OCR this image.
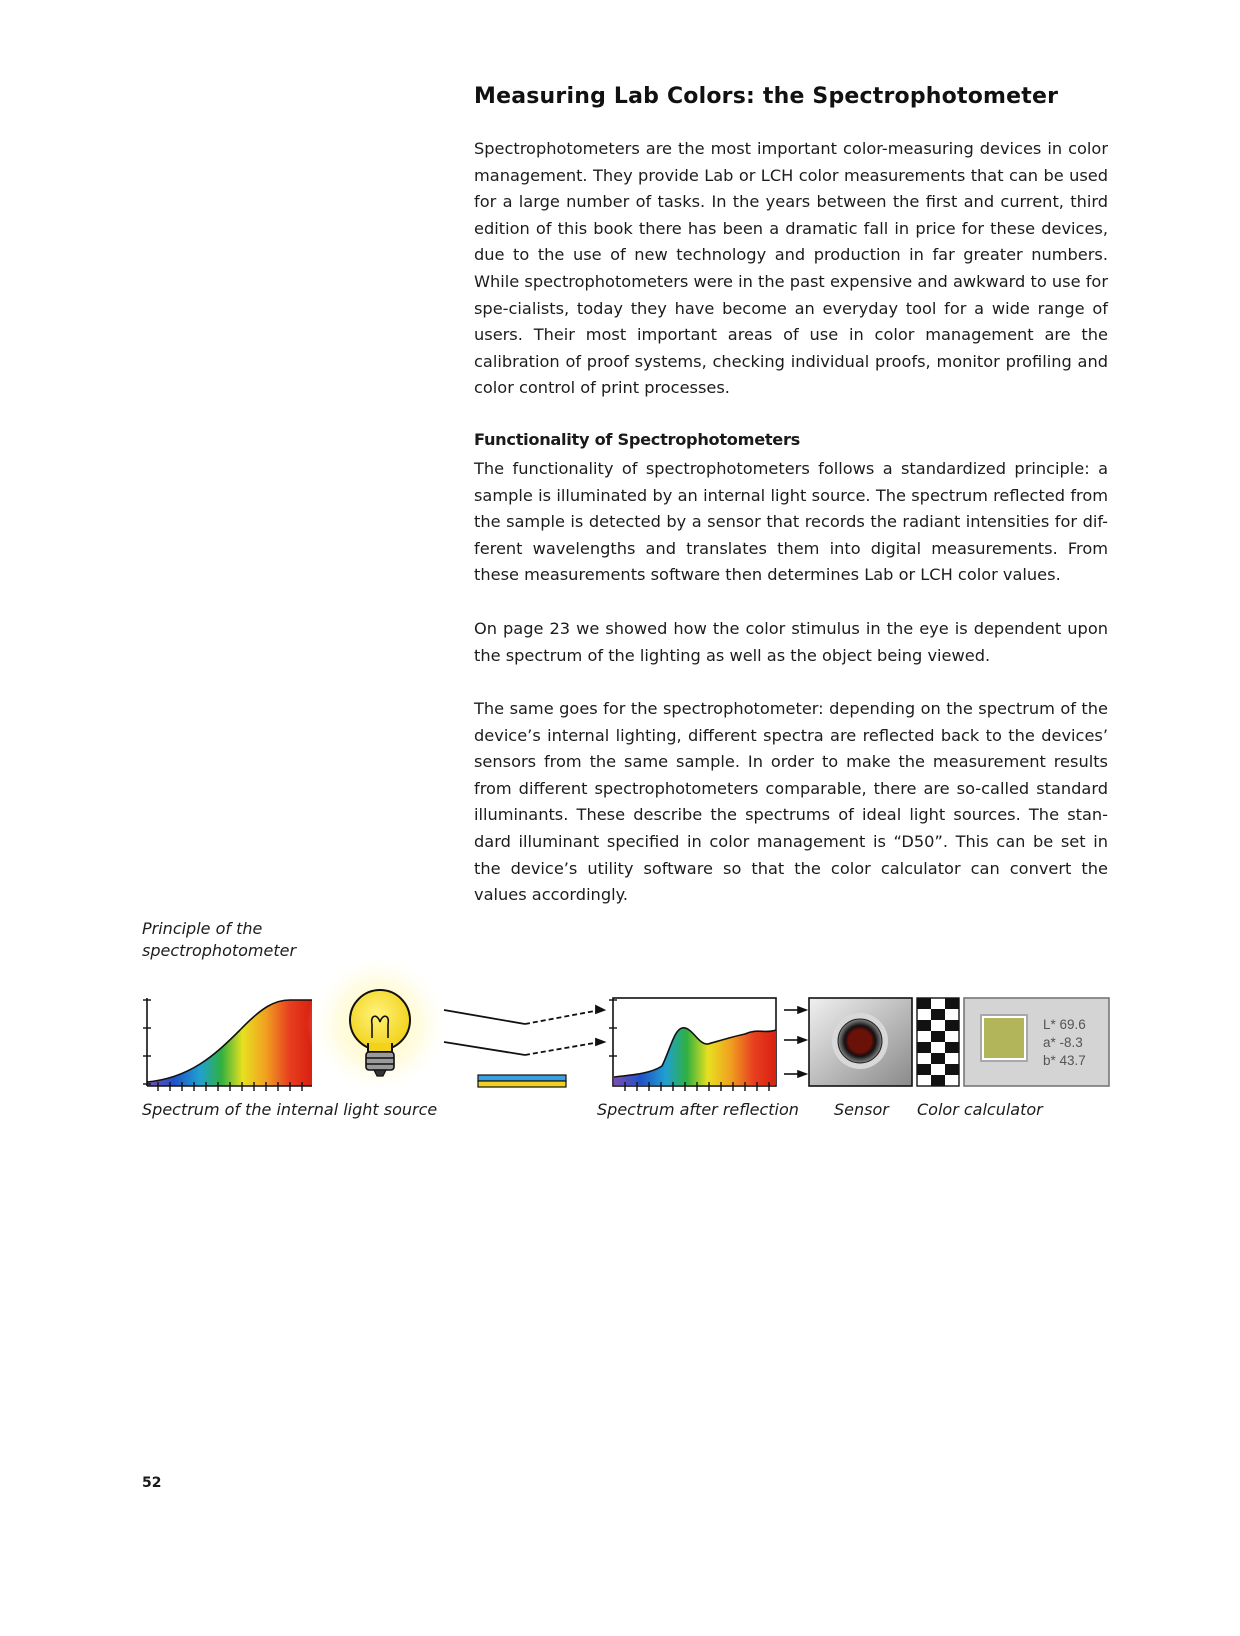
Measuring Lab Colors: the Spectrophotometer

Spectrophotometers are the most important color-measuring devices in color management. They provide Lab or LCH color measurements that can be used for a large number of tasks. In the years between the first and current, third edition of this book there has been a dramatic fall in price for these devices, due to the use of new technology and production in far greater numbers. While spectrophotometers were in the past expensive and awkward to use for spe-cialists, today they have become an everyday tool for a wide range of users. Their most important areas of use in color management are the calibration of proof systems, checking individual proofs, monitor profiling and color control of print processes.

Functionality of Spectrophotometers

The functionality of spectrophotometers follows a standardized principle: a sample is illuminated by an internal light source. The spectrum reflected from the sample is detected by a sensor that records the radiant intensities for dif-ferent wavelengths and translates them into digital measurements. From these measurements software then determines Lab or LCH color values.

On page 23 we showed how the color stimulus in the eye is dependent upon the spectrum of the lighting as well as the object being viewed.

The same goes for the spectrophotometer: depending on the spectrum of the device’s internal lighting, different spectra are reflected back to the devices’ sensors from the same sample. In order to make the measurement results from different spectrophotometers comparable, there are so-called standard illuminants. These describe the spectrums of ideal light sources. The stan-dard illuminant specified in color management is “D50”. This can be set in the device’s utility software so that the color calculator can convert the values accordingly.

Principle of the spectrophotometer

L* 69.6
a* -8.3
b* 43.7

Spectrum of the internal light source	Spectrum after reflection Sensor Color calculator

52
